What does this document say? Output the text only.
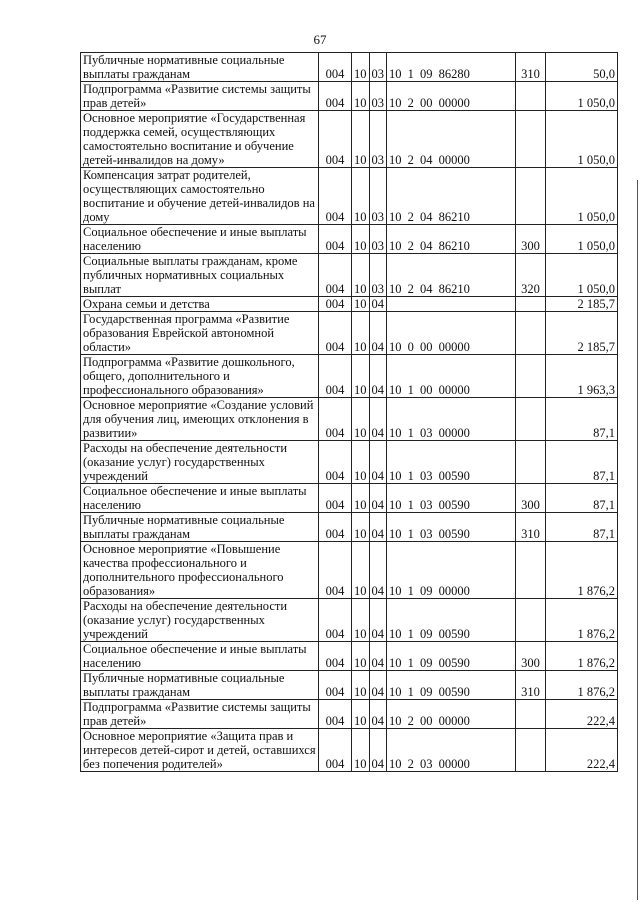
67
Публичные нормативные социальные выплаты гражданам	004	10	03	10 1 09 86280	310	50,0
Подпрограмма «Развитие системы защиты прав детей»	004	10	03	10 2 00 00000		1 050,0
Основное мероприятие «Государственная поддержка семей, осуществляющих самостоятельно воспитание и обучение детей-инвалидов на дому»	004	10	03	10 2 04 00000		1 050,0
Компенсация затрат родителей, осуществляющих самостоятельно воспитание и обучение детей-инвалидов на дому	004	10	03	10 2 04 86210		1 050,0
Социальное обеспечение и иные выплаты населению	004	10	03	10 2 04 86210	300	1 050,0
Социальные выплаты гражданам, кроме публичных нормативных социальных выплат	004	10	03	10 2 04 86210	320	1 050,0
Охрана семьи и детства	004	10	04			2 185,7
Государственная программа «Развитие образования Еврейской автономной области»	004	10	04	10 0 00 00000		2 185,7
Подпрограмма «Развитие дошкольного, общего, дополнительного и профессионального образования»	004	10	04	10 1 00 00000		1 963,3
Основное мероприятие «Создание условий для обучения лиц, имеющих отклонения в развитии»	004	10	04	10 1 03 00000		87,1
Расходы на обеспечение деятельности (оказание услуг) государственных учреждений	004	10	04	10 1 03 00590		87,1
Социальное обеспечение и иные выплаты населению	004	10	04	10 1 03 00590	300	87,1
Публичные нормативные социальные выплаты гражданам	004	10	04	10 1 03 00590	310	87,1
Основное мероприятие «Повышение качества профессионального и дополнительного профессионального образования»	004	10	04	10 1 09 00000		1 876,2
Расходы на обеспечение деятельности (оказание услуг) государственных учреждений	004	10	04	10 1 09 00590		1 876,2
Социальное обеспечение и иные выплаты населению	004	10	04	10 1 09 00590	300	1 876,2
Публичные нормативные социальные выплаты гражданам	004	10	04	10 1 09 00590	310	1 876,2
Подпрограмма «Развитие системы защиты прав детей»	004	10	04	10 2 00 00000		222,4
Основное мероприятие «Защита прав и интересов детей-сирот и детей, оставшихся без попечения родителей»	004	10	04	10 2 03 00000		222,4
